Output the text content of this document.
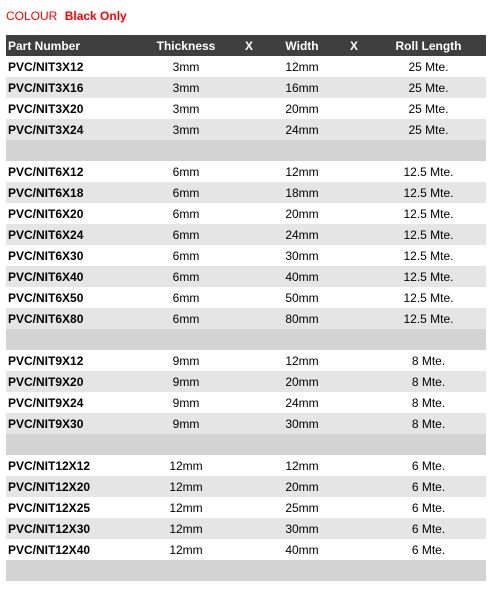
COLOUR Black Only
Part Number	Thickness	X	Width	X	Roll Length
PVC/NIT3X12	3mm	12mm	25 Mte.
PVC/NIT3X16	3mm	16mm	25 Mte.
PVC/NIT3X20	3mm	20mm	25 Mte.
PVC/NIT3X24	3mm	24mm	25 Mte.
PVC/NIT6X12	6mm	12mm	12.5 Mte.
PVC/NIT6X18	6mm	18mm	12.5 Mte.
PVC/NIT6X20	6mm	20mm	12.5 Mte.
PVC/NIT6X24	6mm	24mm	12.5 Mte.
PVC/NIT6X30	6mm	30mm	12.5 Mte.
PVC/NIT6X40	6mm	40mm	12.5 Mte.
PVC/NIT6X50	6mm	50mm	12.5 Mte.
PVC/NIT6X80	6mm	80mm	12.5 Mte.
PVC/NIT9X12	9mm	12mm	8 Mte.
PVC/NIT9X20	9mm	20mm	8 Mte.
PVC/NIT9X24	9mm	24mm	8 Mte.
PVC/NIT9X30	9mm	30mm	8 Mte.
PVC/NIT12X12	12mm	12mm	6 Mte.
PVC/NIT12X20	12mm	20mm	6 Mte.
PVC/NIT12X25	12mm	25mm	6 Mte.
PVC/NIT12X30	12mm	30mm	6 Mte.
PVC/NIT12X40	12mm	40mm	6 Mte.
